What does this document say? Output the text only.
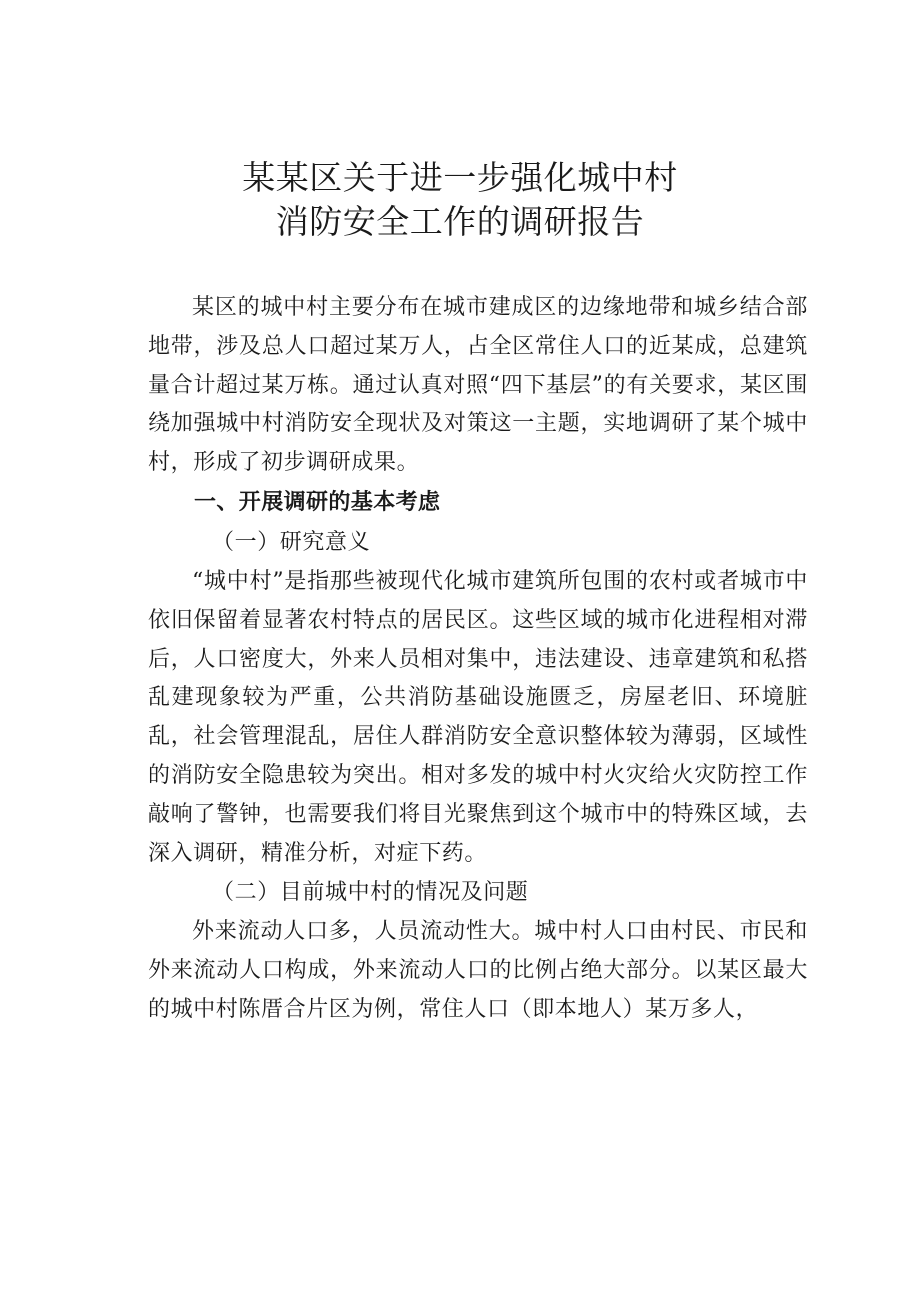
某某区关于进一步强化城中村
消防安全工作的调研报告

某区的城中村主要分布在城市建成区的边缘地带和城乡结合部地带，涉及总人口超过某万人，占全区常住人口的近某成，总建筑量合计超过某万栋。通过认真对照“四下基层”的有关要求，某区围绕加强城中村消防安全现状及对策这一主题，实地调研了某个城中村，形成了初步调研成果。

一、开展调研的基本考虑

（一）研究意义

“城中村”是指那些被现代化城市建筑所包围的农村或者城市中依旧保留着显著农村特点的居民区。这些区域的城市化进程相对滞后，人口密度大，外来人员相对集中，违法建设、违章建筑和私搭乱建现象较为严重，公共消防基础设施匮乏，房屋老旧、环境脏乱，社会管理混乱，居住人群消防安全意识整体较为薄弱，区域性的消防安全隐患较为突出。相对多发的城中村火灾给火灾防控工作敲响了警钟，也需要我们将目光聚焦到这个城市中的特殊区域，去深入调研，精准分析，对症下药。

（二）目前城中村的情况及问题

外来流动人口多，人员流动性大。城中村人口由村民、市民和外来流动人口构成，外来流动人口的比例占绝大部分。以某区最大的城中村陈厝合片区为例，常住人口（即本地人）某万多人，
